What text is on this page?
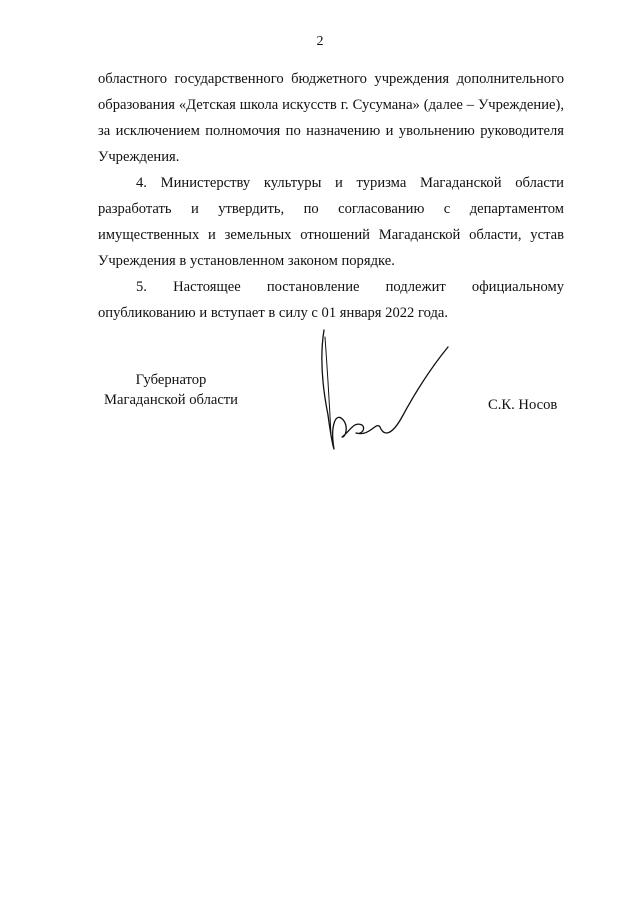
2

областного государственного бюджетного учреждения дополнительного образования «Детская школа искусств г. Сусумана» (далее – Учреждение), за исключением полномочия по назначению и увольнению руководителя Учреждения.

4. Министерству культуры и туризма Магаданской области разработать и утвердить, по согласованию с департаментом имущественных и земельных отношений Магаданской области, устав Учреждения в установленном законом порядке.

5. Настоящее постановление подлежит официальному опубликованию и вступает в силу с 01 января 2022 года.

Губернатор
Магаданской области	С.К. Носов
